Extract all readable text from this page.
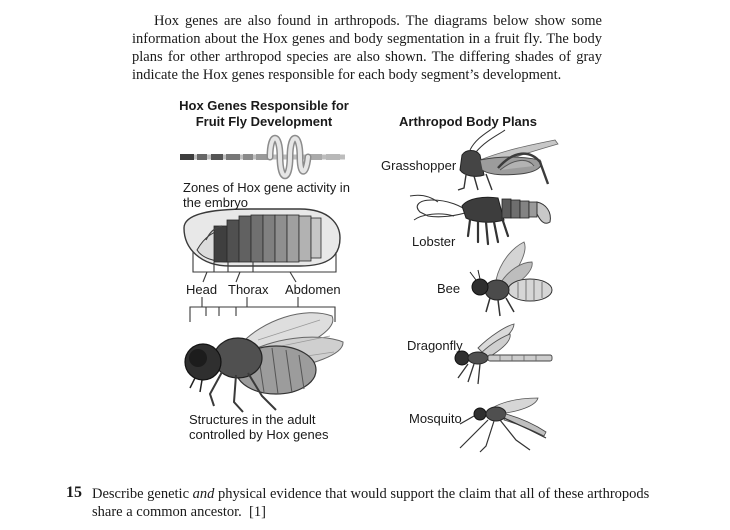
Hox genes are also found in arthropods. The diagrams below show some information about the Hox genes and body segmentation in a fruit fly. The body plans for other arthropod species are also shown. The differing shades of gray indicate the Hox genes responsible for each body segment’s development.

Hox Genes Responsible for Fruit Fly Development	Arthropod Body Plans
Zones of Hox gene activity in the embryo
Head Thorax Abdomen
Structures in the adult controlled by Hox genes
Grasshopper
Lobster
Bee
Dragonfly
Mosquito
15 Describe genetic and physical evidence that would support the claim that all of these arthropods share a common ancestor. [1]
